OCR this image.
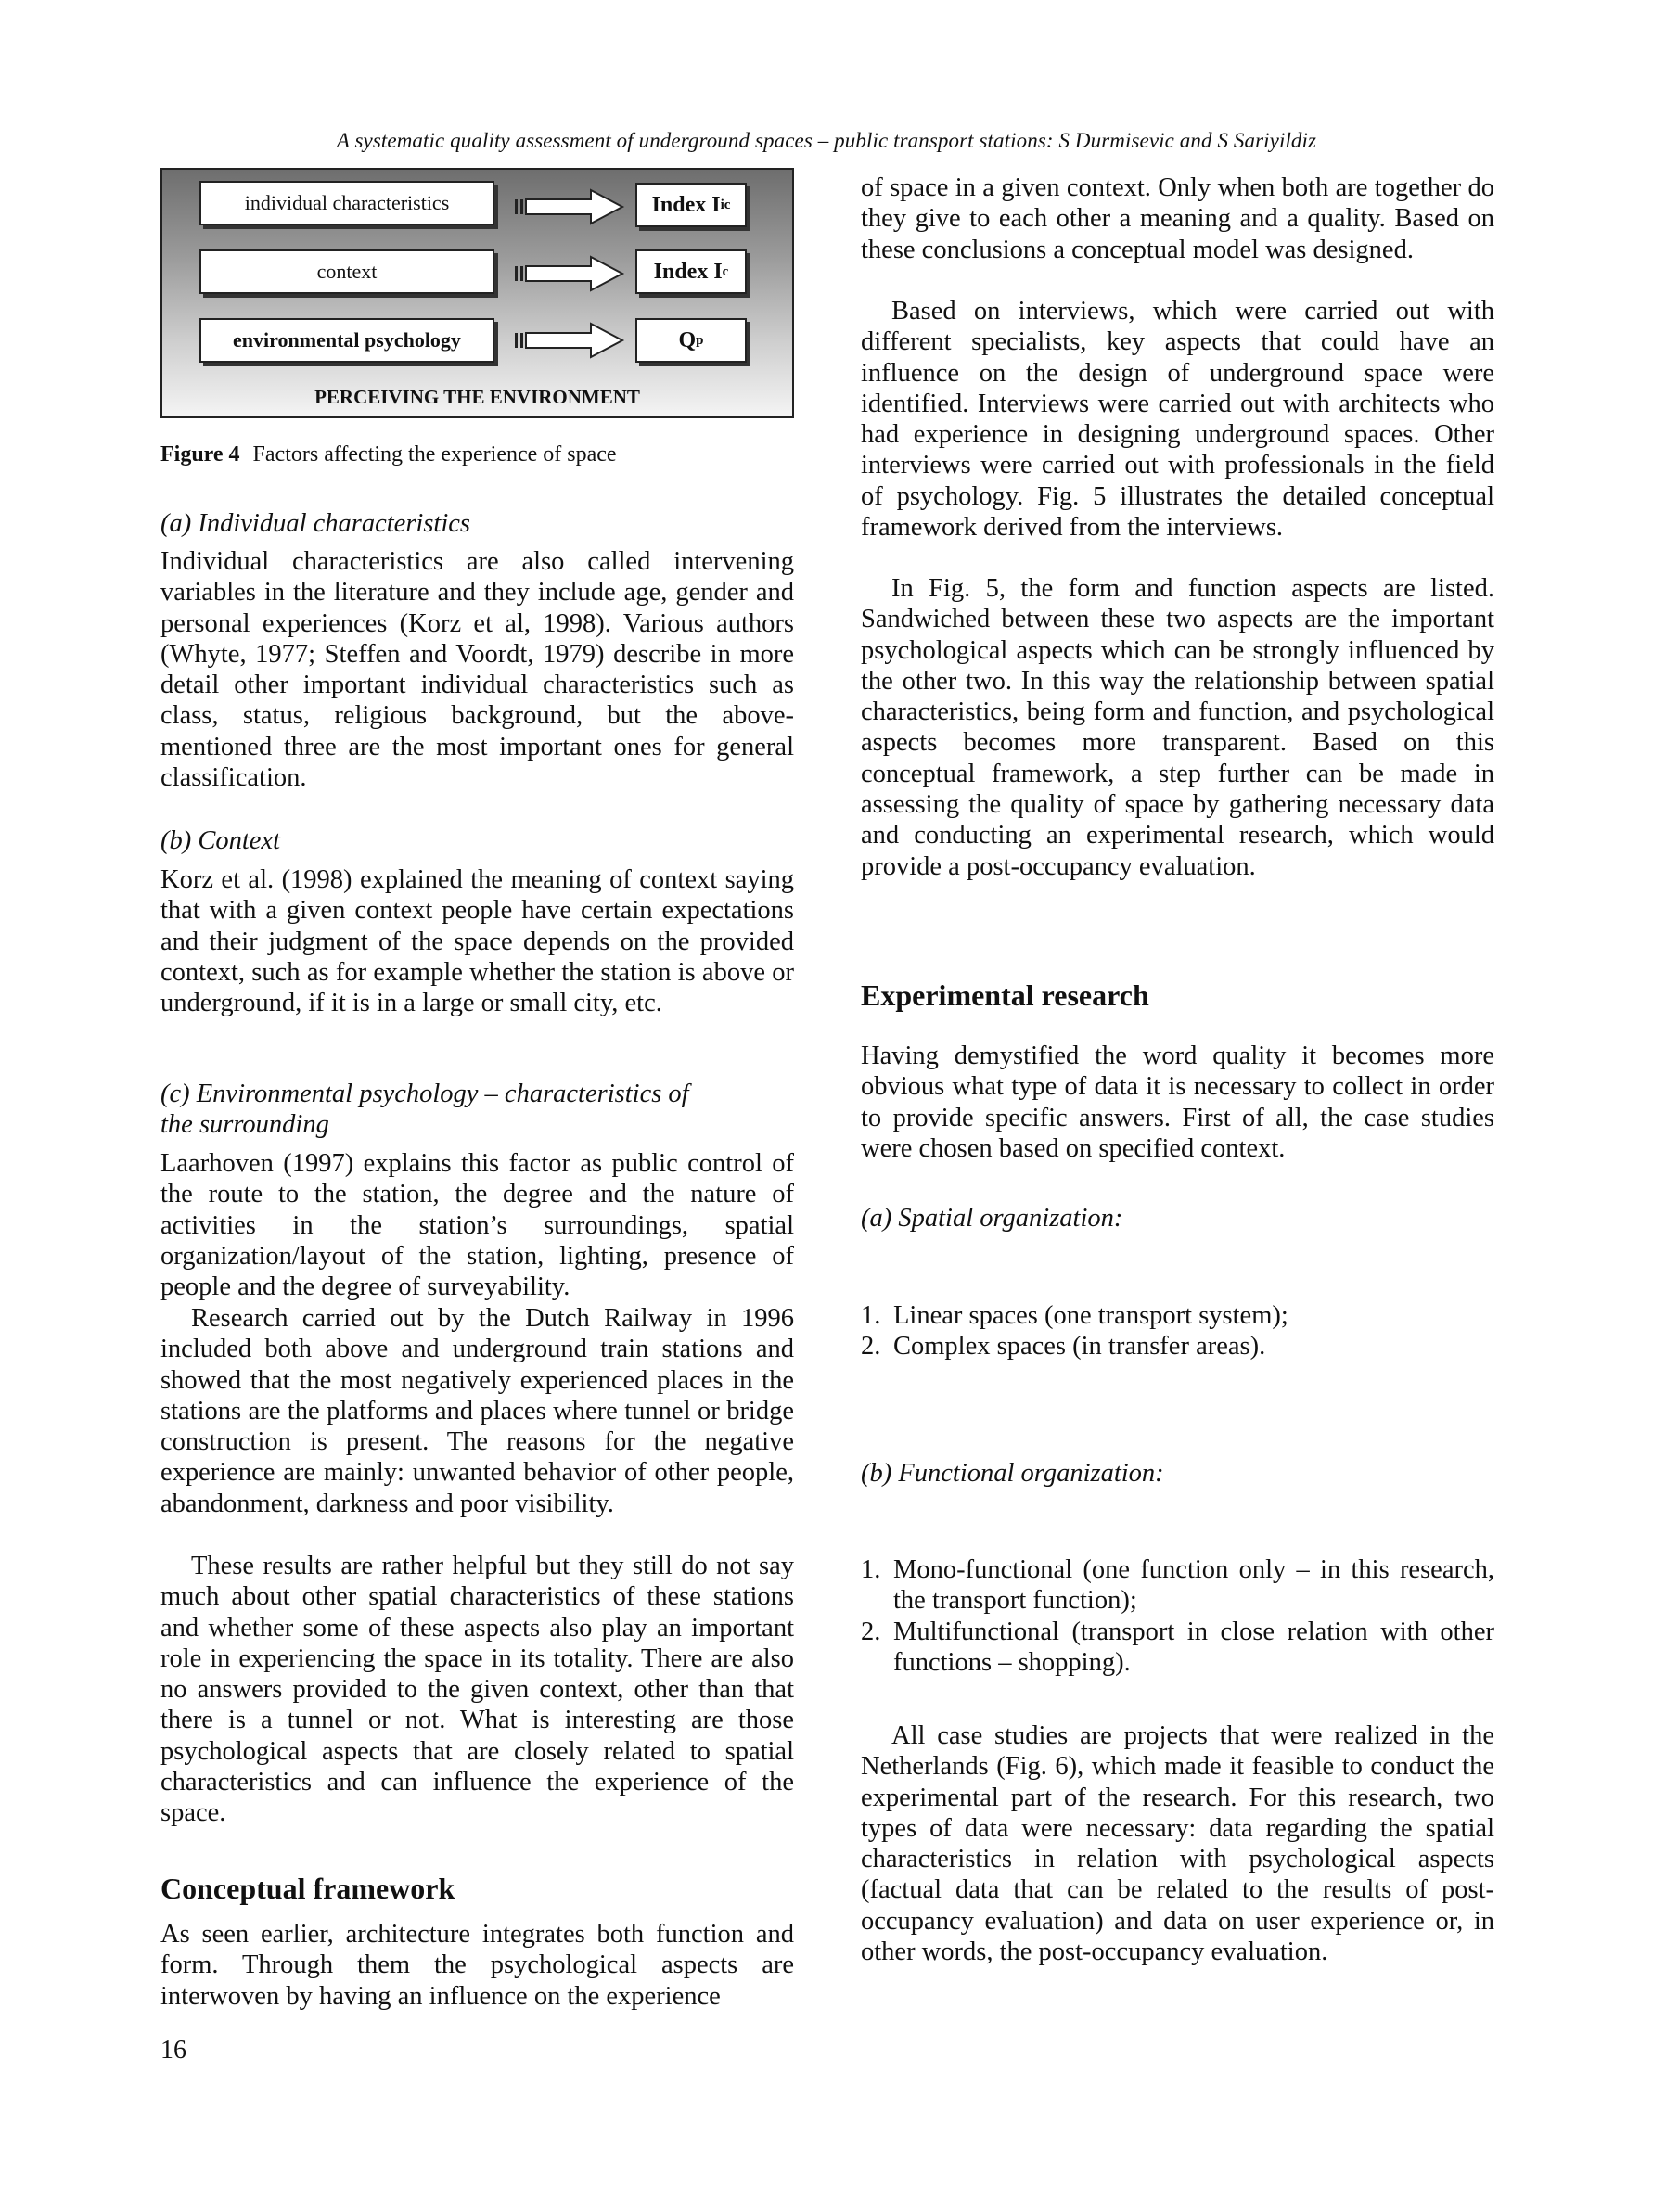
A systematic quality assessment of underground spaces – public transport stations: S Durmisevic and S Sariyildiz
individual characteristics
context
environmental psychology
Index I ic
Index I c
Q p
PERCEIVING THE ENVIRONMENT
Figure 4 Factors affecting the experience of space

(a) Individual characteristics

Individual characteristics are also called intervening variables in the literature and they include age, gender and personal experiences (Korz et al, 1998). Various authors (Whyte, 1977; Steffen and Voordt, 1979) describe in more detail other important individual characteristics such as class, status, religious background, but the above-mentioned three are the most important ones for general classification.

(b) Context

Korz et al. (1998) explained the meaning of context saying that with a given context people have certain expectations and their judgment of the space depends on the provided context, such as for example whether the station is above or underground, if it is in a large or small city, etc.

(c) Environmental psychology – characteristics of
the surrounding

Laarhoven (1997) explains this factor as public control of the route to the station, the degree and the nature of activities in the station’s surroundings, spatial organization/layout of the station, lighting, presence of people and the degree of surveyability.

Research carried out by the Dutch Railway in 1996 included both above and underground train stations and showed that the most negatively experienced places in the stations are the platforms and places where tunnel or bridge construction is present. The reasons for the negative experience are mainly: unwanted behavior of other people, abandonment, darkness and poor visibility.

These results are rather helpful but they still do not say much about other spatial characteristics of these stations and whether some of these aspects also play an important role in experiencing the space in its totality. There are also no answers provided to the given context, other than that there is a tunnel or not. What is interesting are those psychological aspects that are closely related to spatial characteristics and can influence the experience of the space.

Conceptual framework

As seen earlier, architecture integrates both function and form. Through them the psychological aspects are interwoven by having an influence on the experience

of space in a given context. Only when both are together do they give to each other a meaning and a quality. Based on these conclusions a conceptual model was designed.

Based on interviews, which were carried out with different specialists, key aspects that could have an influence on the design of underground space were identified. Interviews were carried out with architects who had experience in designing underground spaces. Other interviews were carried out with professionals in the field of psychology. Fig. 5 illustrates the detailed conceptual framework derived from the interviews.

In Fig. 5, the form and function aspects are listed. Sandwiched between these two aspects are the important psychological aspects which can be strongly influenced by the other two. In this way the relationship between spatial characteristics, being form and function, and psychological aspects becomes more transparent. Based on this conceptual framework, a step further can be made in assessing the quality of space by gathering necessary data and conducting an experimental research, which would provide a post-occupancy evaluation.

Experimental research

Having demystified the word quality it becomes more obvious what type of data it is necessary to collect in order to provide specific answers. First of all, the case studies were chosen based on specified context.

(a) Spatial organization:

1. Linear spaces (one transport system);
2. Complex spaces (in transfer areas).

(b) Functional organization:

1. Mono-functional (one function only – in this research, the transport function);
2. Multifunctional (transport in close relation with other functions – shopping).

All case studies are projects that were realized in the Netherlands (Fig. 6), which made it feasible to conduct the experimental part of the research. For this research, two types of data were necessary: data regarding the spatial characteristics in relation with psychological aspects (factual data that can be related to the results of post-occupancy evaluation) and data on user experience or, in other words, the post-occupancy evaluation.

16
